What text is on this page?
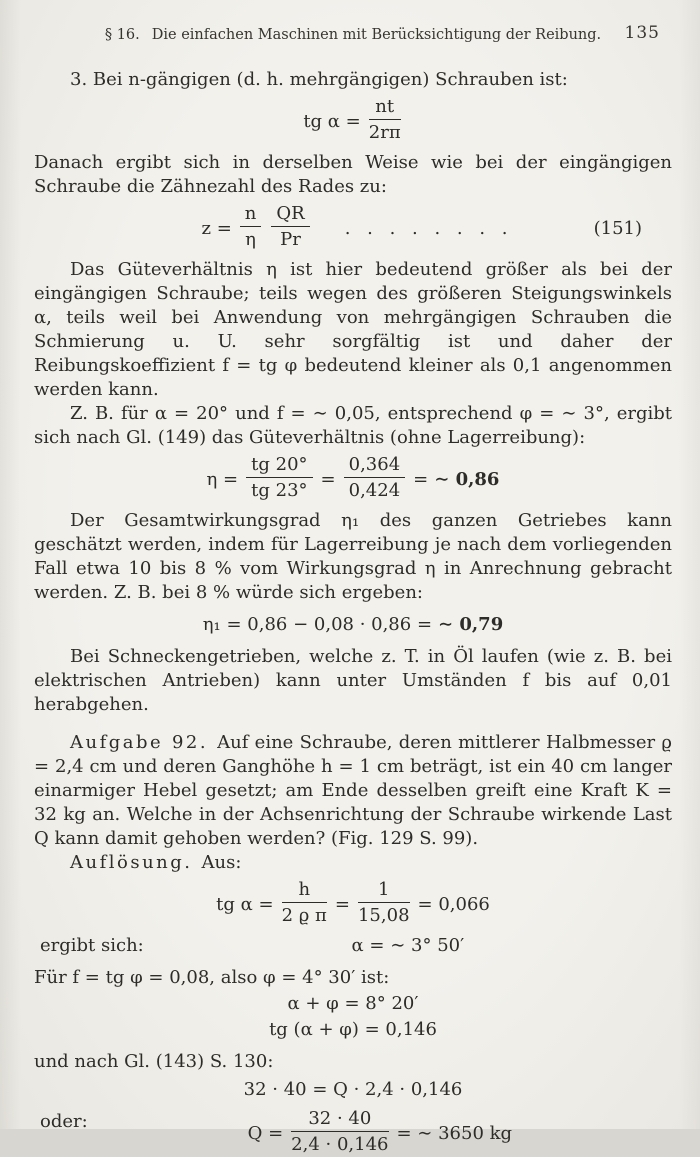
§ 16. Die einfachen Maschinen mit Berücksichtigung der Reibung. 135

3. Bei n-gängigen (d. h. mehrgängigen) Schrauben ist:

tg $\alpha = \frac{nt}{2r\pi}$

Danach ergibt sich in derselben Weise wie bei der eingängigen Schraube die Zähnezahl des Rades zu:

$z = \frac{n}{\eta} \frac{QR}{Pr}$ . . . . . . . .	(151)

Das Güteverhältnis η ist hier bedeutend größer als bei der eingängigen Schraube; teils wegen des größeren Steigungswinkels α, teils weil bei Anwendung von mehrgängigen Schrauben die Schmierung u. U. sehr sorgfältig ist und daher der Reibungskoeffizient f = tg φ bedeutend kleiner als 0,1 angenommen werden kann.

Z. B. für α = 20° und f = ∼ 0,05, entsprechend φ = ∼ 3°, ergibt sich nach Gl. (149) das Güteverhältnis (ohne Lagerreibung):

$\eta = \frac{tg 20^\circ}{tg 23^\circ} = \frac{0,364}{0,424}$ = ∼ 0,86

Der Gesamtwirkungsgrad η₁ des ganzen Getriebes kann geschätzt werden, indem für Lagerreibung je nach dem vorliegenden Fall etwa 10 bis 8 % vom Wirkungsgrad η in Anrechnung gebracht werden. Z. B. bei 8 % würde sich ergeben:

η₁ = 0,86 − 0,08 · 0,86 = ∼ 0,79

Bei Schneckengetrieben, welche z. T. in Öl laufen (wie z. B. bei elektrischen Antrieben) kann unter Umständen f bis auf 0,01 herabgehen.

Aufgabe 92. Auf eine Schraube, deren mittlerer Halbmesser ϱ = 2,4 cm und deren Ganghöhe h = 1 cm beträgt, ist ein 40 cm langer einarmiger Hebel gesetzt; am Ende desselben greift eine Kraft K = 32 kg an. Welche in der Achsenrichtung der Schraube wirkende Last Q kann damit gehoben werden? (Fig. 129 S. 99).

Auflösung. Aus:

tg $\alpha = \frac{h}{\text{2 ϱ π}} = \frac{1}{15,08} = 0,066$
ergibt sich:	α = ∼ 3° 50′

Für f = tg φ = 0,08, also φ = 4° 30′ ist:

α + φ = 8° 20′
tg (α + φ) = 0,146

und nach Gl. (143) S. 130:

32 · 40 = Q · 2,4 · 0,146
oder:
$Q = \frac{32 \cdot 40}{2,4 \cdot 0,146}$ = ∼ 3650 kg
